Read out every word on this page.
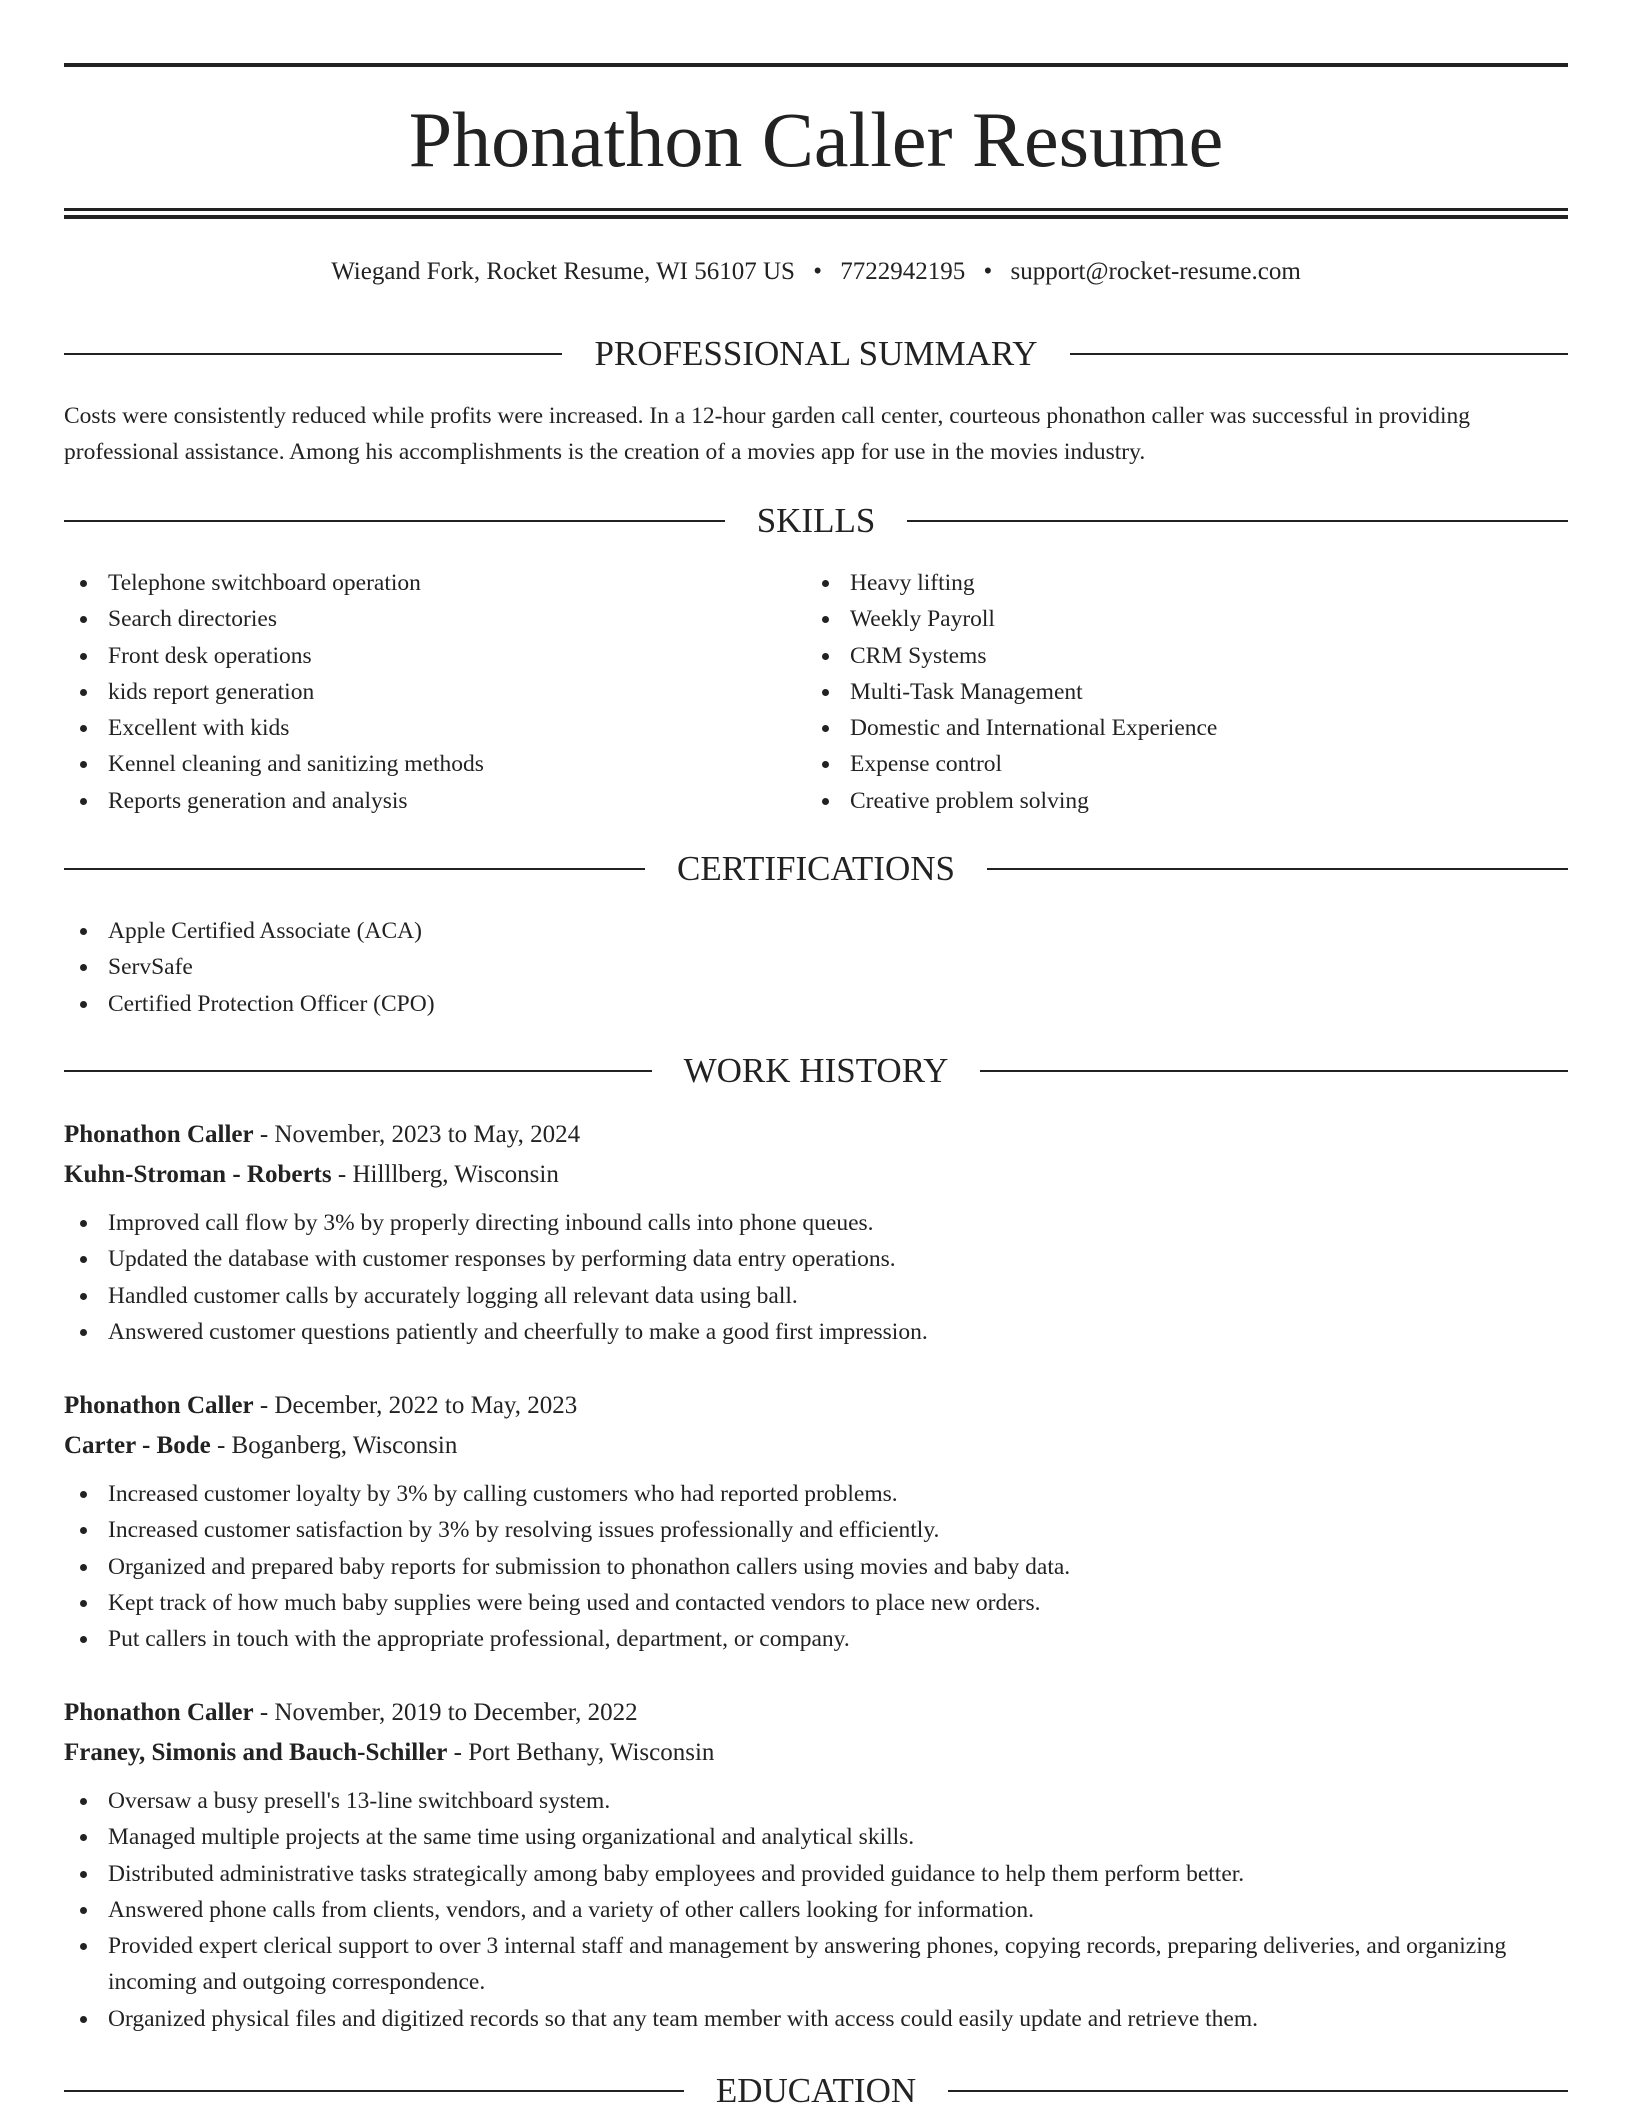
Phonathon Caller Resume
Wiegand Fork, Rocket Resume, WI 56107 US • 7722942195 • support@rocket-resume.com
PROFESSIONAL SUMMARY

Costs were consistently reduced while profits were increased. In a 12-hour garden call center, courteous phonathon caller was successful in providing professional assistance. Among his accomplishments is the creation of a movies app for use in the movies industry.

SKILLS
Telephone switchboard operation
Search directories
Front desk operations
kids report generation
Excellent with kids
Kennel cleaning and sanitizing methods
Reports generation and analysis
Heavy lifting
Weekly Payroll
CRM Systems
Multi-Task Management
Domestic and International Experience
Expense control
Creative problem solving
CERTIFICATIONS
Apple Certified Associate (ACA)
ServSafe
Certified Protection Officer (CPO)
WORK HISTORY
Phonathon Caller - November, 2023 to May, 2024
Kuhn-Stroman - Roberts - Hilllberg, Wisconsin
Improved call flow by 3% by properly directing inbound calls into phone queues.
Updated the database with customer responses by performing data entry operations.
Handled customer calls by accurately logging all relevant data using ball.
Answered customer questions patiently and cheerfully to make a good first impression.
Phonathon Caller - December, 2022 to May, 2023
Carter - Bode - Boganberg, Wisconsin
Increased customer loyalty by 3% by calling customers who had reported problems.
Increased customer satisfaction by 3% by resolving issues professionally and efficiently.
Organized and prepared baby reports for submission to phonathon callers using movies and baby data.
Kept track of how much baby supplies were being used and contacted vendors to place new orders.
Put callers in touch with the appropriate professional, department, or company.
Phonathon Caller - November, 2019 to December, 2022
Franey, Simonis and Bauch-Schiller - Port Bethany, Wisconsin
Oversaw a busy presell's 13-line switchboard system.
Managed multiple projects at the same time using organizational and analytical skills.
Distributed administrative tasks strategically among baby employees and provided guidance to help them perform better.
Answered phone calls from clients, vendors, and a variety of other callers looking for information.
Provided expert clerical support to over 3 internal staff and management by answering phones, copying records, preparing deliveries, and organizing incoming and outgoing correspondence.
Organized physical files and digitized records so that any team member with access could easily update and retrieve them.
EDUCATION
